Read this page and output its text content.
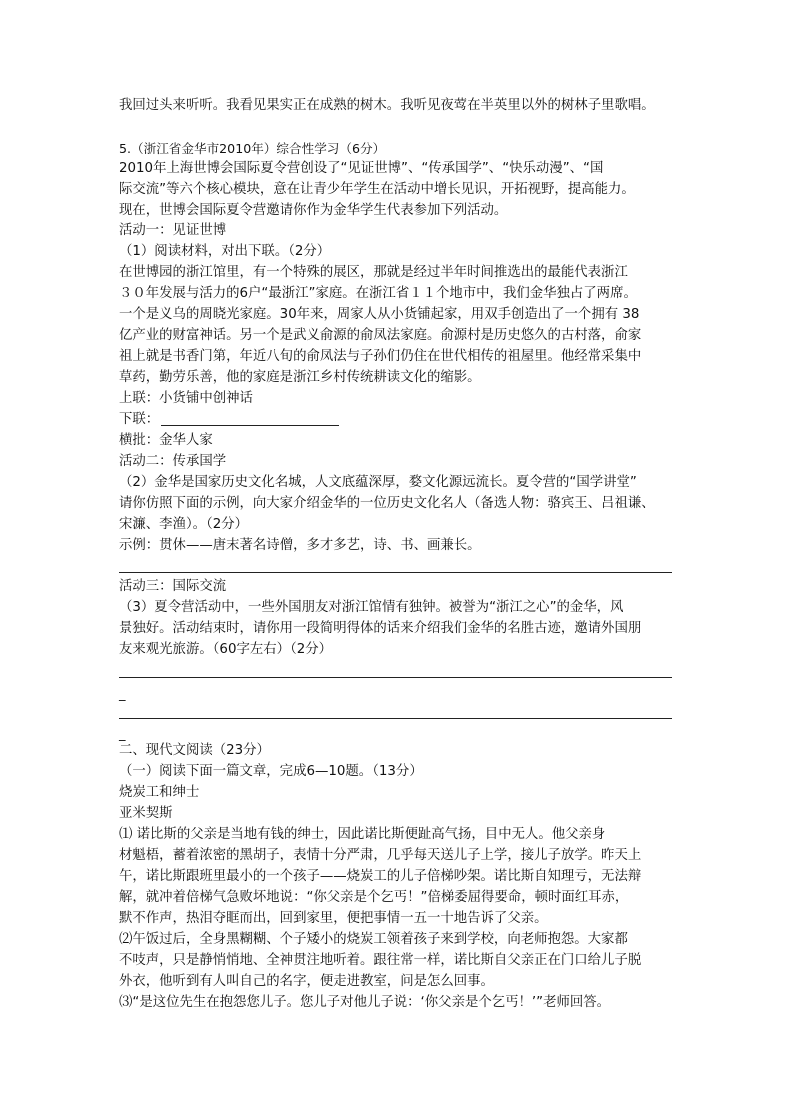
我回过头来听听。我看见果实正在成熟的树木。我听见夜莺在半英里以外的树林子里歌唱。
5.（浙江省金华市2010年）综合性学习（6分）
2010年上海世博会国际夏令营创设了“见证世博”、“传承国学”、“快乐动漫”、“国
际交流”等六个核心模块，意在让青少年学生在活动中增长见识，开拓视野，提高能力。
现在，世博会国际夏令营邀请你作为金华学生代表参加下列活动。
活动一：见证世博
（1）阅读材料，对出下联。（2分）
在世博园的浙江馆里，有一个特殊的展区，那就是经过半年时间推选出的最能代表浙江
３０年发展与活力的6户“最浙江”家庭。在浙江省１１个地市中，我们金华独占了两席。
一个是义乌的周晓光家庭。30年来，周家人从小货铺起家，用双手创造出了一个拥有 38
亿产业的财富神话。另一个是武义俞源的俞凤法家庭。俞源村是历史悠久的古村落，俞家
祖上就是书香门第，年近八旬的俞凤法与子孙们仍住在世代相传的祖屋里。他经常采集中
草药，勤劳乐善，他的家庭是浙江乡村传统耕读文化的缩影。
上联：小货铺中创神话
下联：
横批：金华人家
活动二：传承国学
（2）金华是国家历史文化名城，人文底蕴深厚，婺文化源远流长。夏令营的“国学讲堂”
请你仿照下面的示例，向大家介绍金华的一位历史文化名人（备选人物：骆宾王、吕祖谦、
宋濂、李渔）。（2分）
示例：贯休——唐末著名诗僧，多才多艺，诗、书、画兼长。
活动三：国际交流
（3）夏令营活动中，一些外国朋友对浙江馆情有独钟。被誉为“浙江之心”的金华，风
景独好。活动结束时，请你用一段简明得体的话来介绍我们金华的名胜古迹，邀请外国朋
友来观光旅游。（60字左右）（2分）
_
_
二、现代文阅读（23分）
（一）阅读下面一篇文章，完成6—10题。（13分）
烧炭工和绅士
亚米契斯
⑴ 诺比斯的父亲是当地有钱的绅士，因此诺比斯便趾高气扬，目中无人。他父亲身
材魁梧，蓄着浓密的黑胡子，表情十分严肃，几乎每天送儿子上学，接儿子放学。昨天上
午，诺比斯跟班里最小的一个孩子——烧炭工的儿子倍梯吵架。诺比斯自知理亏，无法辩
解，就冲着倍梯气急败坏地说：“你父亲是个乞丐！”倍梯委屈得要命，顿时面红耳赤，
默不作声，热泪夺眶而出，回到家里，便把事情一五一十地告诉了父亲。
⑵午饭过后，全身黑糊糊、个子矮小的烧炭工领着孩子来到学校，向老师抱怨。大家都
不吱声，只是静悄悄地、全神贯注地听着。跟往常一样，诺比斯自父亲正在门口给儿子脱
外衣，他听到有人叫自己的名字，便走进教室，问是怎么回事。
⑶“是这位先生在抱怨您儿子。您儿子对他儿子说：‘你父亲是个乞丐！’”老师回答。
